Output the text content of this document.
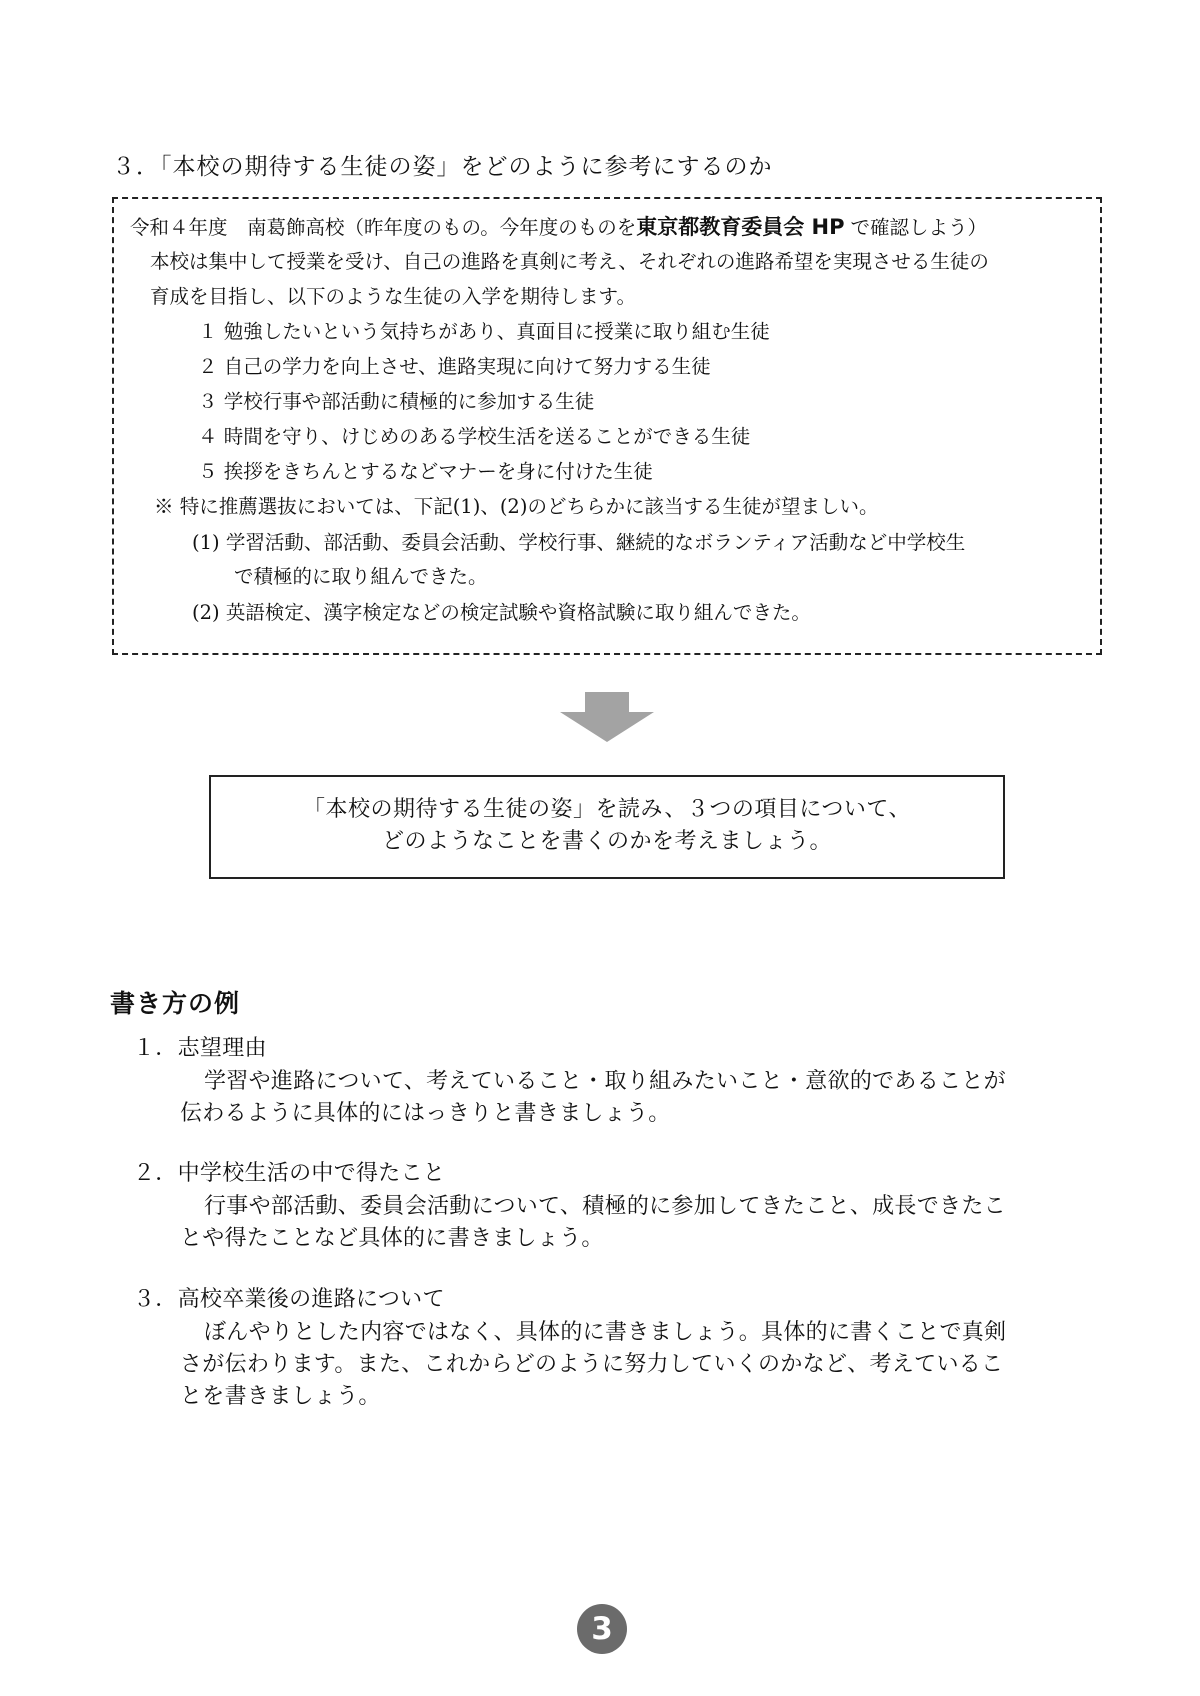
３．「本校の期待する生徒の姿」をどのように参考にするのか
令和４年度　南葛飾高校（昨年度のもの。今年度のものを東京都教育委員会 HP で確認しよう）
本校は集中して授業を受け、自己の進路を真剣に考え、それぞれの進路希望を実現させる生徒の
育成を目指し、以下のような生徒の入学を期待します。
１ 勉強したいという気持ちがあり、真面目に授業に取り組む生徒
２ 自己の学力を向上させ、進路実現に向けて努力する生徒
３ 学校行事や部活動に積極的に参加する生徒
４ 時間を守り、けじめのある学校生活を送ることができる生徒
５ 挨拶をきちんとするなどマナーを身に付けた生徒
※ 特に推薦選抜においては、下記(1)、(2)のどちらかに該当する生徒が望ましい。
(1) 学習活動、部活動、委員会活動、学校行事、継続的なボランティア活動など中学校生
で積極的に取り組んできた。
(2) 英語検定、漢字検定などの検定試験や資格試験に取り組んできた。
「本校の期待する生徒の姿」を読み、３つの項目について、
どのようなことを書くのかを考えましょう。
書き方の例
１．志望理由
学習や進路について、考えていること・取り組みたいこと・意欲的であることが
伝わるように具体的にはっきりと書きましょう。
２．中学校生活の中で得たこと
行事や部活動、委員会活動について、積極的に参加してきたこと、成長できたこ
とや得たことなど具体的に書きましょう。
３．高校卒業後の進路について
ぼんやりとした内容ではなく、具体的に書きましょう。具体的に書くことで真剣
さが伝わります。また、これからどのように努力していくのかなど、考えているこ
とを書きましょう。
3
